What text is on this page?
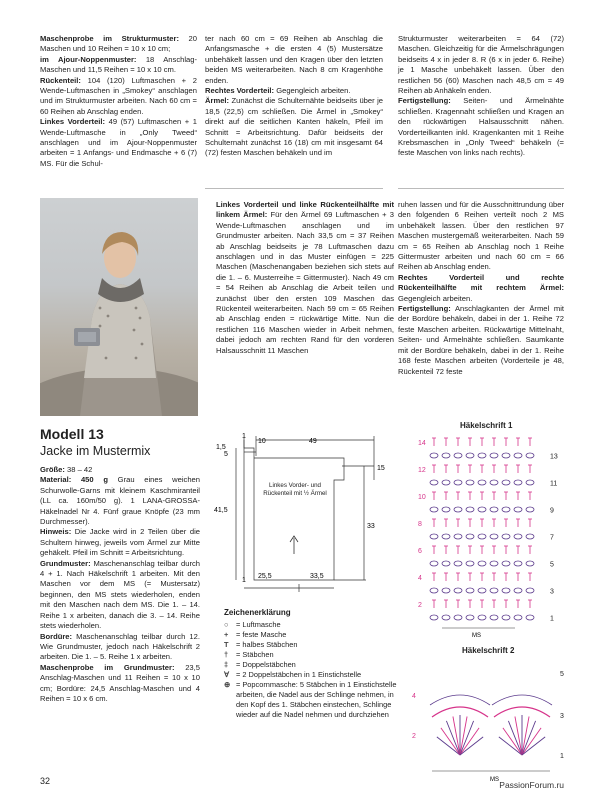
Maschenprobe im Strukturmuster: 20 Maschen und 10 Reihen = 10 x 10 cm;

im Ajour-Noppenmuster: 18 Anschlag-Maschen und 11,5 Reihen = 10 x 10 cm.

Rückenteil: 104 (120) Luftmaschen + 2 Wende-Luftmaschen in „Smokey“ anschlagen und im Strukturmuster arbeiten. Nach 60 cm = 60 Reihen ab Anschlag enden.

Linkes Vorderteil: 49 (57) Luftmaschen + 1 Wende-Luftmasche in „Only Tweed“ anschlagen und im Ajour-Noppenmuster arbeiten = 1 Anfangs- und Endmasche + 6 (7) MS. Für die Schul-

ter nach 60 cm = 69 Reihen ab Anschlag die Anfangsmasche + die ersten 4 (5) Mustersätze unbehäkelt lassen und den Kragen über den letzten beiden MS weiterarbeiten. Nach 8 cm Kragenhöhe enden.

Rechtes Vorderteil: Gegengleich arbeiten.

Ärmel: Zunächst die Schulternähte beidseits über je 18,5 (22,5) cm schließen. Die Ärmel in „Smokey“ direkt auf die seitlichen Kanten häkeln, Pfeil im Schnitt = Arbeitsrichtung. Dafür beidseits der Schulternaht zunächst 16 (18) cm mit insgesamt 64 (72) festen Maschen behäkeln und im

Strukturmuster weiterarbeiten = 64 (72) Maschen. Gleichzeitig für die Ärmelschrägungen beidseits 4 x in jeder 8. R (6 x in jeder 6. Reihe) je 1 Masche unbehäkelt lassen. Über den restlichen 56 (60) Maschen nach 48,5 cm = 49 Reihen ab Anhäkeln enden.

Fertigstellung: Seiten- und Ärmelnähte schließen. Kragennaht schließen und Kragen an den rückwärtigen Halsausschnitt nähen. Vorderteilkanten inkl. Kragenkanten mit 1 Reihe Krebsmaschen in „Only Tweed“ behäkeln (= feste Maschen von links nach rechts).

Linkes Vorderteil und linke Rückenteilhälfte mit linkem Ärmel: Für den Ärmel 69 Luftmaschen + 3 Wende-Luftmaschen anschlagen und im Grundmuster arbeiten. Nach 33,5 cm = 37 Reihen ab Anschlag beidseits je 78 Luftmaschen dazu anschlagen und in das Muster einfügen = 225 Maschen (Maschenangaben beziehen sich stets auf die 1. – 6. Musterreihe = Gittermuster). Nach 49 cm = 54 Reihen ab Anschlag die Arbeit teilen und zunächst über den ersten 109 Maschen das Rückenteil weiterarbeiten. Nach 59 cm = 65 Reihen ab Anschlag enden = rückwärtige Mitte. Nun die restlichen 116 Maschen wieder in Arbeit nehmen, dabei jedoch am rechten Rand für den vorderen Halsausschnitt 11 Maschen

ruhen lassen und für die Ausschnittrundung über den folgenden 6 Reihen verteilt noch 2 MS unbehäkelt lassen. Über den restlichen 97 Maschen mustergemäß weiterarbeiten. Nach 59 cm = 65 Reihen ab Anschlag noch 1 Reihe Gittermuster arbeiten und nach 60 cm = 66 Reihen ab Anschlag enden.

Rechtes Vorderteil und rechte Rückenteilhälfte mit rechtem Ärmel: Gegengleich arbeiten.

Fertigstellung: Anschlagkanten der Ärmel mit der Bordüre behäkeln, dabei in der 1. Reihe 72 feste Maschen arbeiten. Rückwärtige Mittelnaht, Seiten- und Ärmelnähte schließen. Saumkante mit der Bordüre behäkeln, dabei in der 1. Reihe 168 feste Maschen arbeiten (Vorderteile je 48, Rückenteil 72 feste

Modell 13
Jacke im Mustermix

Größe: 38 – 42

Material: 450 g Grau eines weichen Schurwolle-Garns mit kleinem Kaschmiranteil (LL ca. 160m/50 g). 1 LANA-GROSSA-Häkelnadel Nr 4. Fünf graue Knöpfe (23 mm Durchmesser).

Hinweis: Die Jacke wird in 2 Teilen über die Schultern hinweg, jeweils vom Ärmel zur Mitte gehäkelt. Pfeil im Schnitt = Arbeitsrichtung.

Grundmuster: Maschenanschlag teilbar durch 4 + 1. Nach Häkelschrift 1 arbeiten. Mit den Maschen vor dem MS (= Mustersatz) beginnen, den MS stets wiederholen, enden mit den Maschen nach dem MS. Die 1. – 14. Reihe 1 x arbeiten, danach die 3. – 14. Reihe stets wiederholen.

Bordüre: Maschenanschlag teilbar durch 12. Wie Grundmuster, jedoch nach Häkelschrift 2 arbeiten. Die 1. – 5. Reihe 1 x arbeiten.

Maschenprobe im Grundmuster: 23,5 Anschlag-Maschen und 11 Reihen = 10 x 10 cm; Bordüre: 24,5 Anschlag-Maschen und 4 Reihen = 10 x 6 cm.

1
10	49
1,5
5
15
41,5
33
1
25,5	33,5
Linkes Vorder- und Rückenteil mit ½ Ärmel
Zeichenerklärung
○	= Luftmasche
+	= feste Masche
T	= halbes Stäbchen
†	= Stäbchen
‡	= Doppelstäbchen
∀ = 2 Doppelstäbchen in 1 Einstichstelle
⊕ = Popcornmasche: 5 Stäbchen in 1 Einstichstelle arbeiten, die Nadel aus der Schlinge nehmen, in den Kopf des 1. Stäbchen einstechen, Schlinge wieder auf die Nadel nehmen und durchziehen
Häkelschrift 1
14
13
12
11
10
9
8
7
6
5
4
3
2
1
MS
Häkelschrift 2
5
4
3
2
1
MS
32	PassionForum.ru
